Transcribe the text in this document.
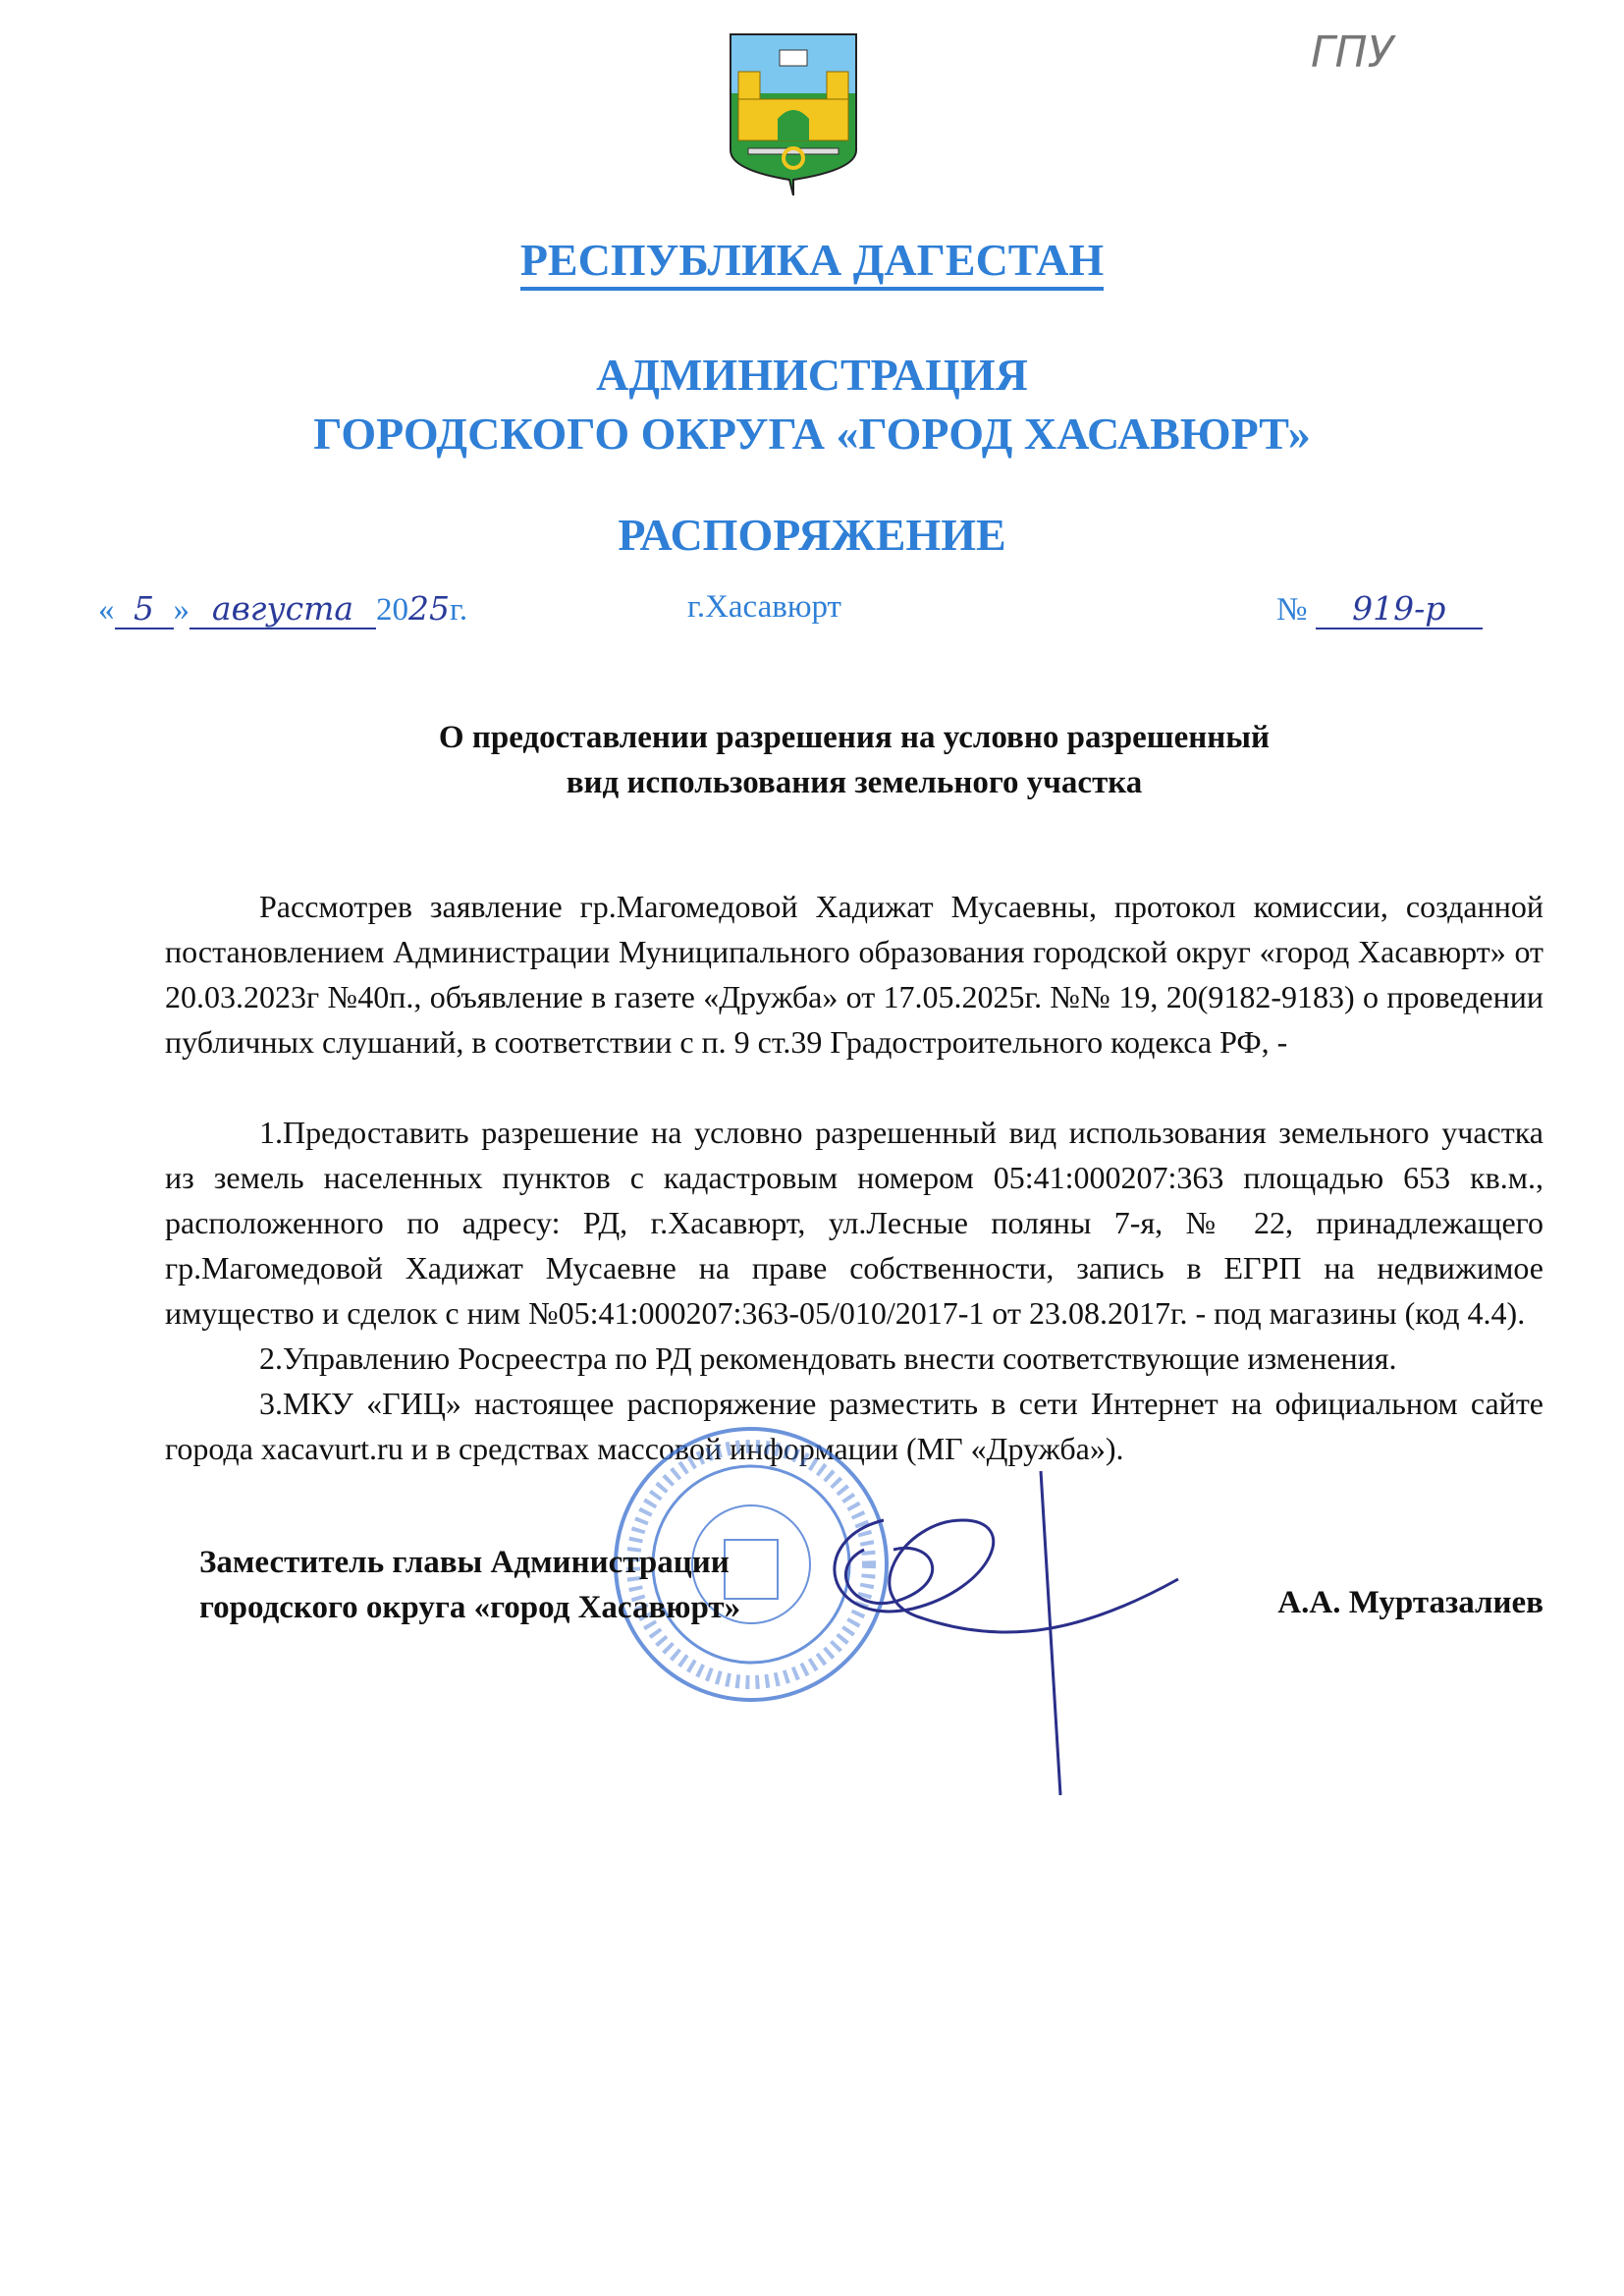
ГПУ
РЕСПУБЛИКА ДАГЕСТАН
АДМИНИСТРАЦИЯ
ГОРОДСКОГО ОКРУГА «ГОРОД ХАСАВЮРТ»
РАСПОРЯЖЕНИЕ
« 5 » августа 2025г.	г.Хасавюрт	№ 919-р
О предоставлении разрешения на условно разрешенный
вид использования земельного участка

Рассмотрев заявление гр.Магомедовой Хадижат Мусаевны, протокол комиссии, созданной постановлением Администрации Муниципального образования городской округ «город Хасавюрт» от 20.03.2023г №40п., объявление в газете «Дружба» от 17.05.2025г. №№ 19, 20(9182-9183) о проведении публичных слушаний, в соответствии с п. 9 ст.39 Градостроительного кодекса РФ, -

1.Предоставить разрешение на условно разрешенный вид использования земельного участка из земель населенных пунктов с кадастровым номером 05:41:000207:363 площадью 653 кв.м., расположенного по адресу: РД, г.Хасавюрт, ул.Лесные поляны 7-я, № 22, принадлежащего гр.Магомедовой Хадижат Мусаевне на праве собственности, запись в ЕГРП на недвижимое имущество и сделок с ним №05:41:000207:363-05/010/2017-1 от 23.08.2017г. - под магазины (код 4.4).

2.Управлению Росреестра по РД рекомендовать внести соответствующие изменения.

3.МКУ «ГИЦ» настоящее распоряжение разместить в сети Интернет на официальном сайте города xacavurt.ru и в средствах массовой информации (МГ «Дружба»).

Заместитель главы Администрации
городского округа «город Хасавюрт»	А.А. Муртазалиев
